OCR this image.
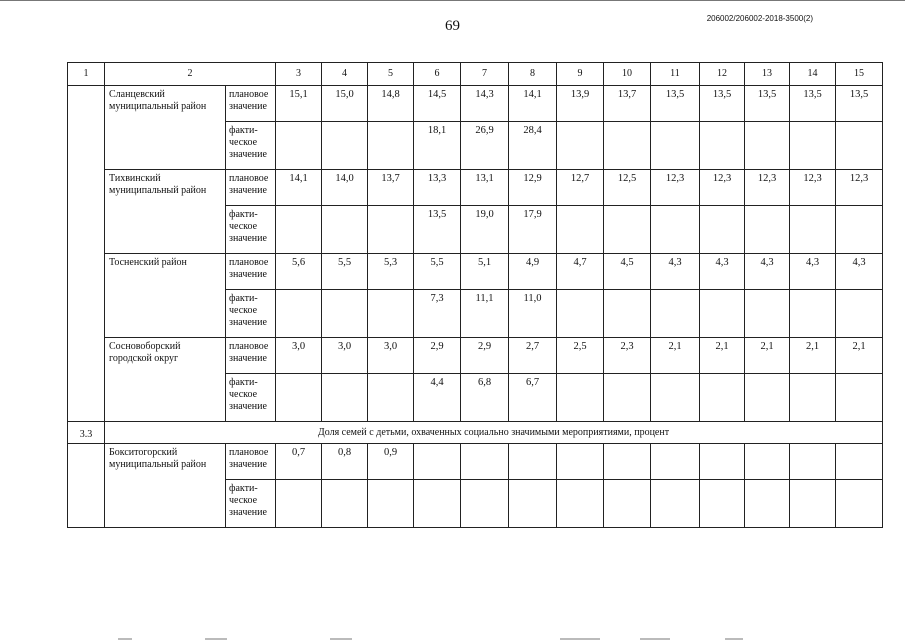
69	206002/206002-2018-3500(2)
1	2		3	4	5	6	7	8	9	10	11	12	13	14	15
	Сланцевский муниципальный район	плановое значение	15,1	15,0	14,8	14,5	14,3	14,1	13,9	13,7	13,5	13,5	13,5	13,5	13,5
		факти-ческое значение				18,1	26,9	28,4							
	Тихвинский муниципальный район	плановое значение	14,1	14,0	13,7	13,3	13,1	12,9	12,7	12,5	12,3	12,3	12,3	12,3	12,3
		факти-ческое значение				13,5	19,0	17,9							
	Тосненский район	плановое значение	5,6	5,5	5,3	5,5	5,1	4,9	4,7	4,5	4,3	4,3	4,3	4,3	4,3
		факти-ческое значение				7,3	11,1	11,0							
	Сосновоборский городской округ	плановое значение	3,0	3,0	3,0	2,9	2,9	2,7	2,5	2,3	2,1	2,1	2,1	2,1	2,1
		факти-ческое значение				4,4	6,8	6,7							
3.3	Доля семей с детьми, охваченных социально значимыми мероприятиями, процент														
	Бокситогорский муниципальный район	плановое значение	0,7	0,8	0,9										
		факти-ческое значение													
